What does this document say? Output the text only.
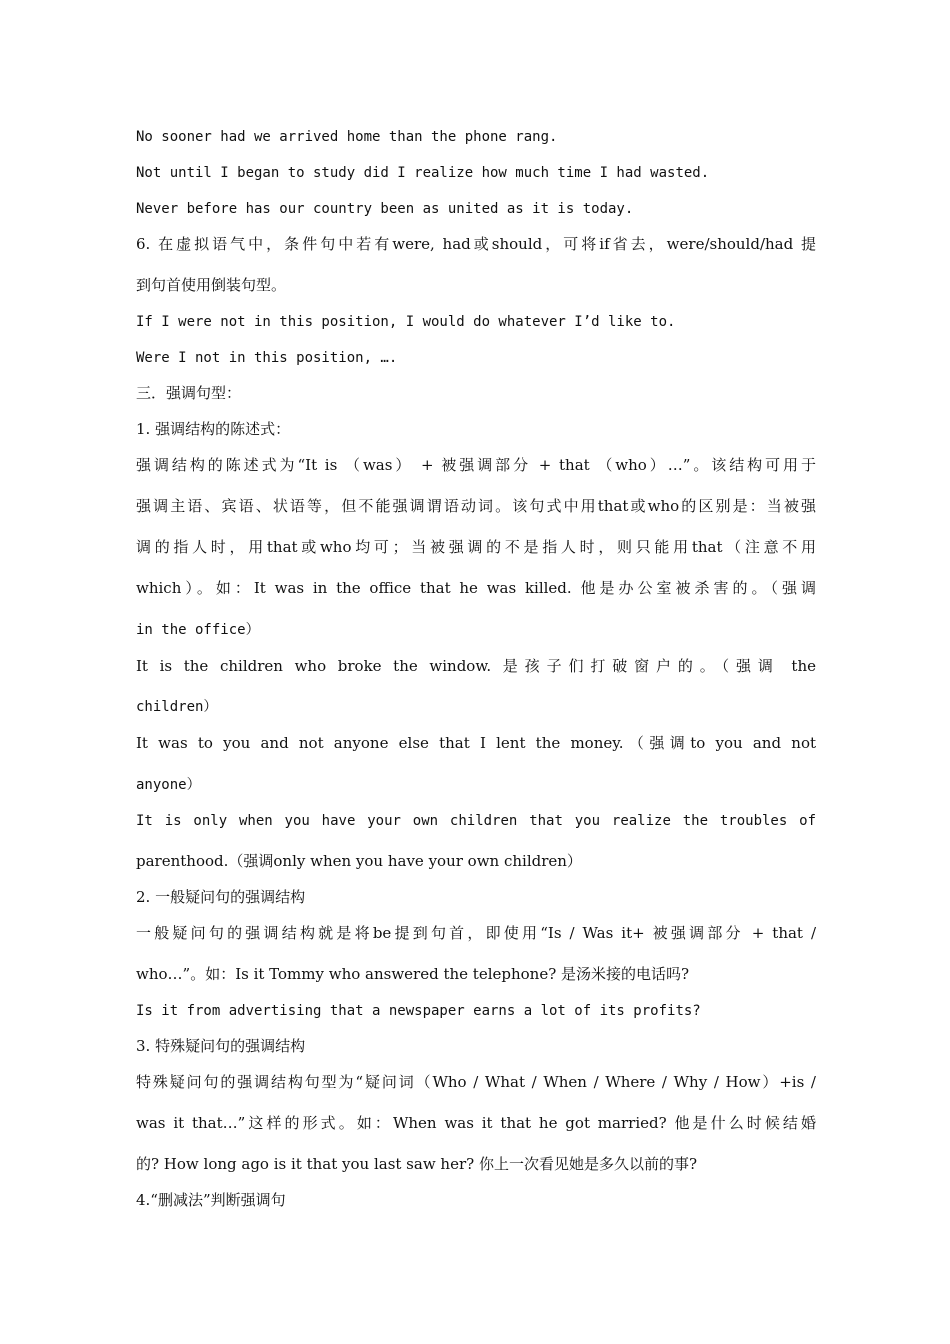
No sooner had we arrived home than the phone rang.
Not until I began to study did I realize how much time I had wasted.
Never before has our country been as united as it is today.
6. 在虚拟语气中，条件句中若有were, had或should，可将if省去，were/should/had 提
到句首使用倒装句型。
If I were not in this position, I would do whatever I’d like to.
Were I not in this position, ….
三．强调句型：
1. 强调结构的陈述式：
强调结构的陈述式为“It is （was） + 被强调部分 + that （who）…”。该结构可用于
强调主语、宾语、状语等，但不能强调谓语动词。该句式中用that或who的区别是：当被强
调的指人时，用that或who均可；当被强调的不是指人时，则只能用that（注意不用
which）。如：It was in the office that he was killed. 他是办公室被杀害的。（强调
in the office）
It is the children who broke the window. 是孩子们打破窗户的。（强调 the
children）
It was to you and not anyone else that I lent the money.（强调to you and not
anyone）
It is only when you have your own children that you realize the troubles of
parenthood.（强调only when you have your own children）
2. 一般疑问句的强调结构
一般疑问句的强调结构就是将be提到句首，即使用“Is / Was it+ 被强调部分 + that /
who…”。如：Is it Tommy who answered the telephone? 是汤米接的电话吗?
Is it from advertising that a newspaper earns a lot of its profits?
3. 特殊疑问句的强调结构
特殊疑问句的强调结构句型为“疑问词（Who / What / When / Where / Why / How）+is /
was it that…”这样的形式。如：When was it that he got married? 他是什么时候结婚
的? How long ago is it that you last saw her? 你上一次看见她是多久以前的事?
4.“删减法”判断强调句
